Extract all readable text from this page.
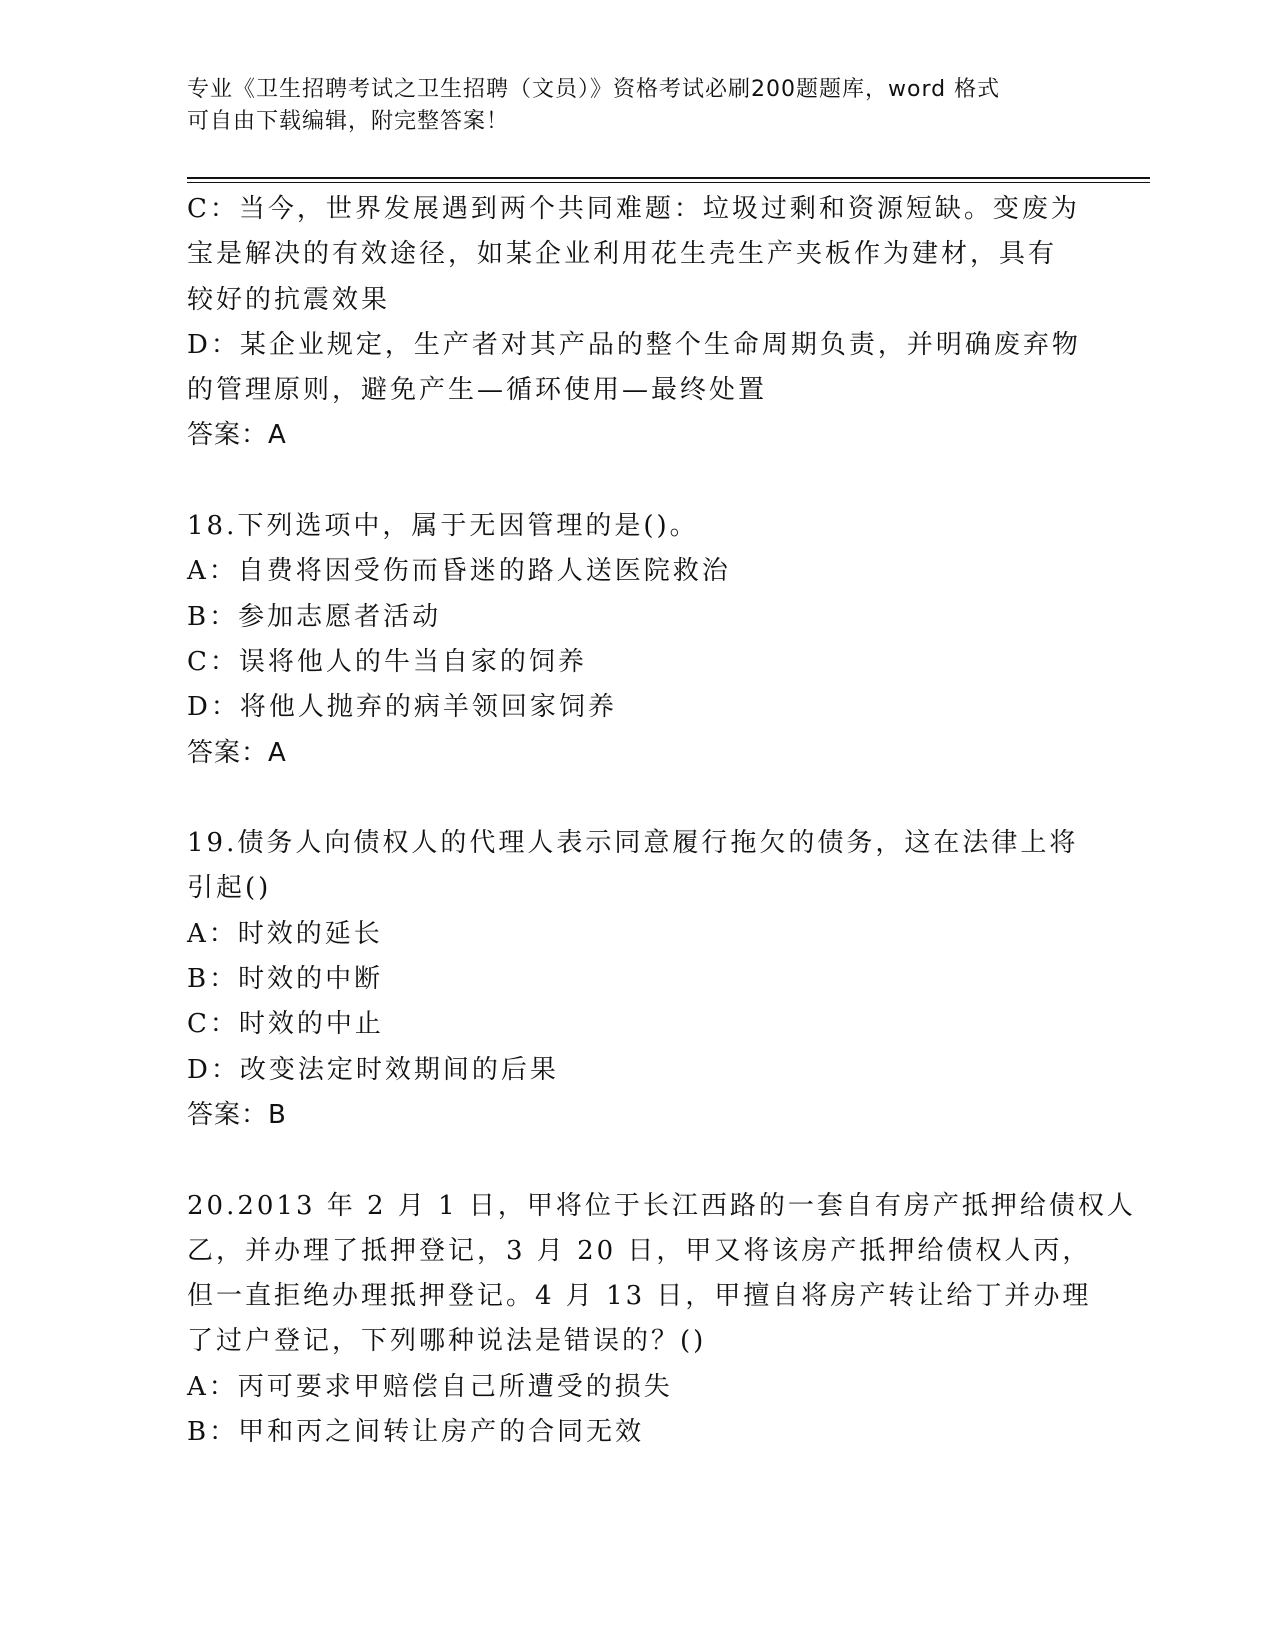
专业《卫生招聘考试之卫生招聘（文员）》资格考试必刷200题题库，word 格式
可自由下载编辑，附完整答案！
C：当今，世界发展遇到两个共同难题：垃圾过剩和资源短缺。变废为
宝是解决的有效途径，如某企业利用花生壳生产夹板作为建材，具有
较好的抗震效果
D：某企业规定，生产者对其产品的整个生命周期负责，并明确废弃物
的管理原则，避免产生—循环使用—最终处置
答案：A
18.下列选项中，属于无因管理的是()。
A：自费将因受伤而昏迷的路人送医院救治
B：参加志愿者活动
C：误将他人的牛当自家的饲养
D：将他人抛弃的病羊领回家饲养
答案：A
19.债务人向债权人的代理人表示同意履行拖欠的债务，这在法律上将
引起()
A：时效的延长
B：时效的中断
C：时效的中止
D：改变法定时效期间的后果
答案：B
20.2013 年 2 月 1 日，甲将位于长江西路的一套自有房产抵押给债权人
乙，并办理了抵押登记，3 月 20 日，甲又将该房产抵押给债权人丙，
但一直拒绝办理抵押登记。4 月 13 日，甲擅自将房产转让给丁并办理
了过户登记，下列哪种说法是错误的？()
A：丙可要求甲赔偿自己所遭受的损失
B：甲和丙之间转让房产的合同无效
